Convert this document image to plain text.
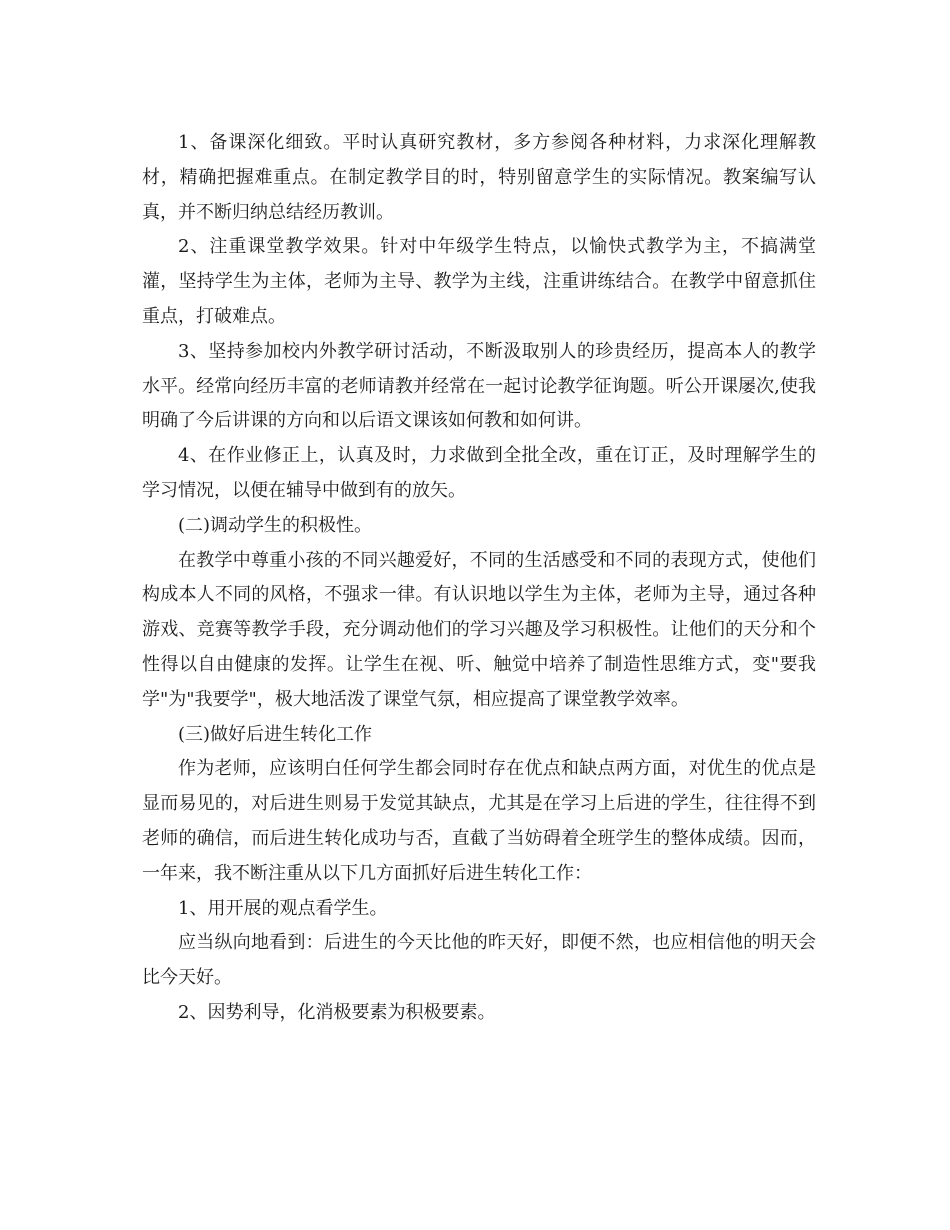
1、备课深化细致。平时认真研究教材，多方参阅各种材料，力求深化理解教材，精确把握难重点。在制定教学目的时，特别留意学生的实际情况。教案编写认真，并不断归纳总结经历教训。

2、注重课堂教学效果。针对中年级学生特点，以愉快式教学为主，不搞满堂灌，坚持学生为主体，老师为主导、教学为主线，注重讲练结合。在教学中留意抓住重点，打破难点。

3、坚持参加校内外教学研讨活动，不断汲取别人的珍贵经历，提高本人的教学水平。经常向经历丰富的老师请教并经常在一起讨论教学征询题。听公开课屡次,使我明确了今后讲课的方向和以后语文课该如何教和如何讲。

4、在作业修正上，认真及时，力求做到全批全改，重在订正，及时理解学生的学习情况，以便在辅导中做到有的放矢。

(二)调动学生的积极性。

在教学中尊重小孩的不同兴趣爱好，不同的生活感受和不同的表现方式，使他们构成本人不同的风格，不强求一律。有认识地以学生为主体，老师为主导，通过各种游戏、竞赛等教学手段，充分调动他们的学习兴趣及学习积极性。让他们的天分和个性得以自由健康的发挥。让学生在视、听、触觉中培养了制造性思维方式，变"要我学"为"我要学"，极大地活泼了课堂气氛，相应提高了课堂教学效率。

(三)做好后进生转化工作

作为老师，应该明白任何学生都会同时存在优点和缺点两方面，对优生的优点是显而易见的，对后进生则易于发觉其缺点，尤其是在学习上后进的学生，往往得不到老师的确信，而后进生转化成功与否，直截了当妨碍着全班学生的整体成绩。因而，一年来，我不断注重从以下几方面抓好后进生转化工作：

1、用开展的观点看学生。

应当纵向地看到：后进生的今天比他的昨天好，即便不然，也应相信他的明天会比今天好。

2、因势利导，化消极要素为积极要素。
